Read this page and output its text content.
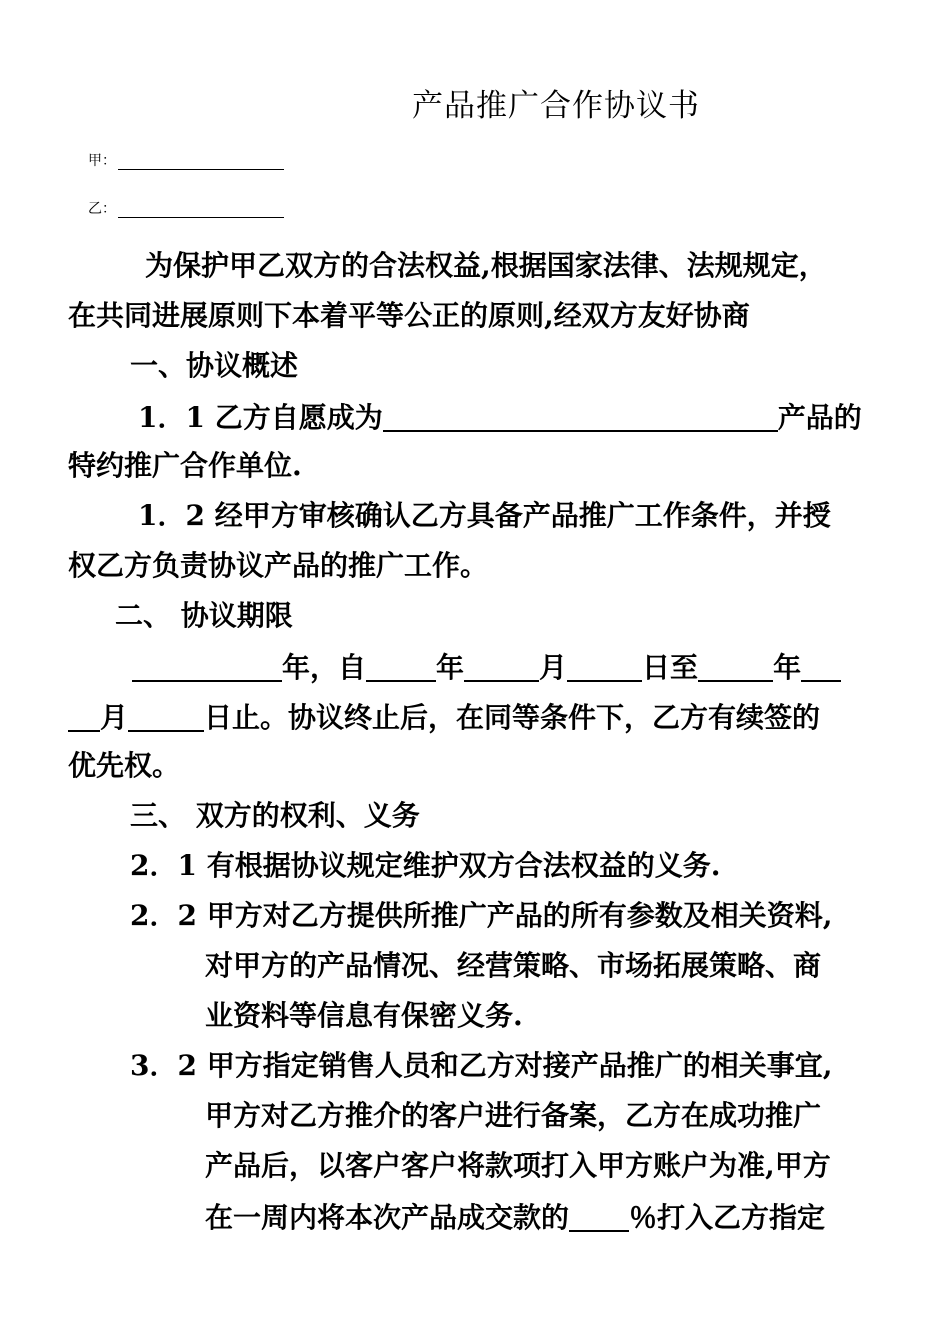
产品推广合作协议书
甲：
乙：
为保护甲乙双方的合法权益,根据国家法律、法规规定，
在共同进展原则下本着平等公正的原则,经双方友好协商
一、协议概述
1．1 乙方自愿成为	产品的
特约推广合作单位.
1．2 经甲方审核确认乙方具备产品推广工作条件，并授
权乙方负责协议产品的推广工作。
二、 协议期限
年，自	年	月	日至	年
月	日止。协议终止后，在同等条件下，乙方有续签的
优先权。
三、 双方的权利、义务
2．1 有根据协议规定维护双方合法权益的义务.
2．2 甲方对乙方提供所推广产品的所有参数及相关资料,
对甲方的产品情况、经营策略、市场拓展策略、商
业资料等信息有保密义务.
3．2 甲方指定销售人员和乙方对接产品推广的相关事宜,
甲方对乙方推介的客户进行备案，乙方在成功推广
产品后，以客户客户将款项打入甲方账户为准,甲方
在一周内将本次产品成交款的 ％打入乙方指定
